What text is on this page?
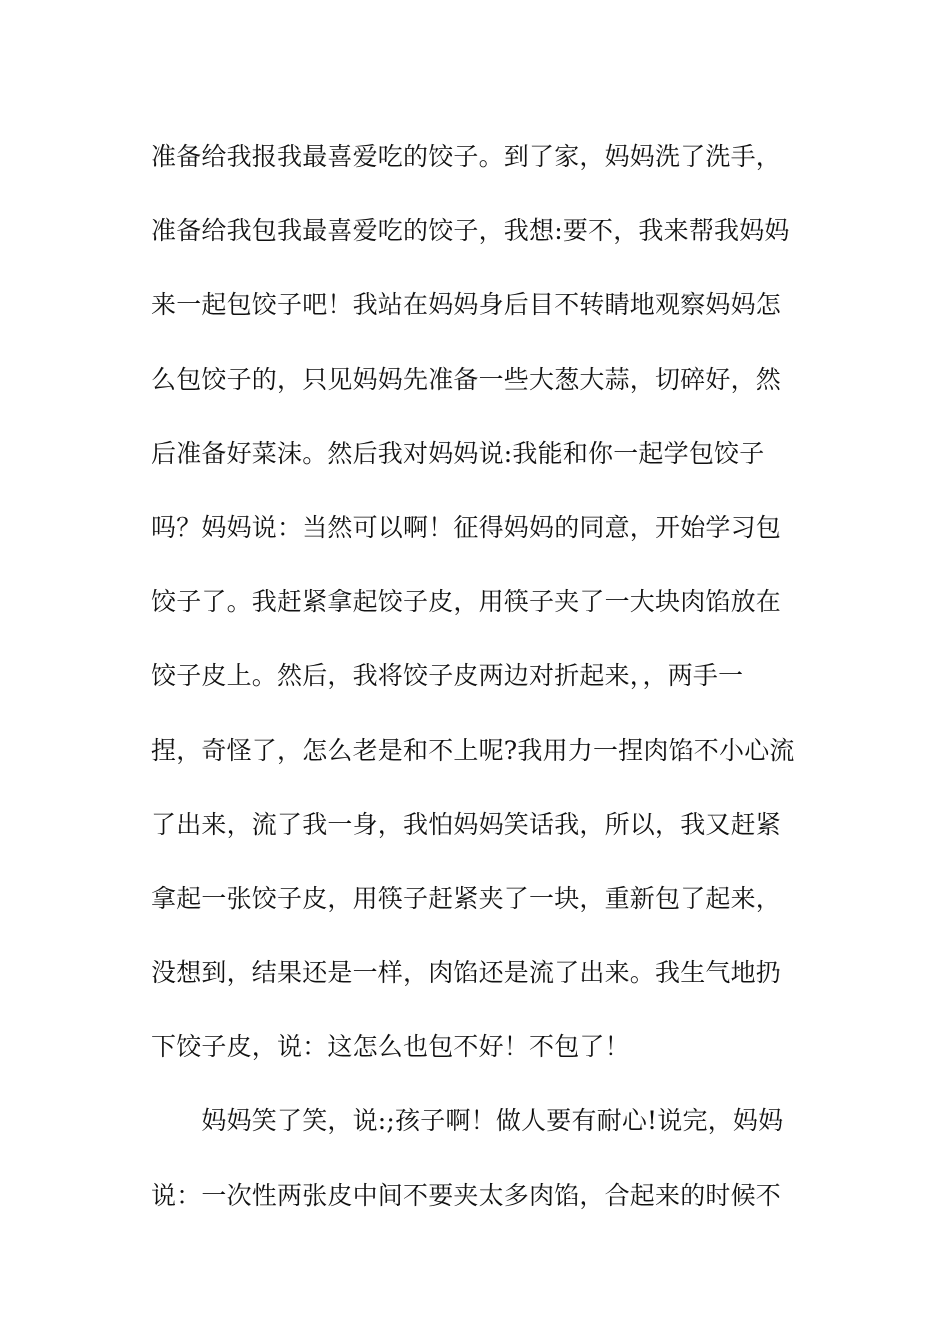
准备给我报我最喜爱吃的饺子。到了家，妈妈洗了洗手，
准备给我包我最喜爱吃的饺子，我想:要不，我来帮我妈妈
来一起包饺子吧！我站在妈妈身后目不转睛地观察妈妈怎
么包饺子的，只见妈妈先准备一些大葱大蒜，切碎好，然
后准备好菜沫。然后我对妈妈说:我能和你一起学包饺子
吗？妈妈说：当然可以啊！征得妈妈的同意，开始学习包
饺子了。我赶紧拿起饺子皮，用筷子夹了一大块肉馅放在
饺子皮上。然后，我将饺子皮两边对折起来，，两手一
捏，奇怪了，怎么老是和不上呢?我用力一捏肉馅不小心流
了出来，流了我一身，我怕妈妈笑话我，所以，我又赶紧
拿起一张饺子皮，用筷子赶紧夹了一块，重新包了起来，
没想到，结果还是一样，肉馅还是流了出来。我生气地扔
下饺子皮，说：这怎么也包不好！不包了！
　　妈妈笑了笑，说:;孩子啊！做人要有耐心!说完，妈妈
说：一次性两张皮中间不要夹太多肉馅，合起来的时候不
